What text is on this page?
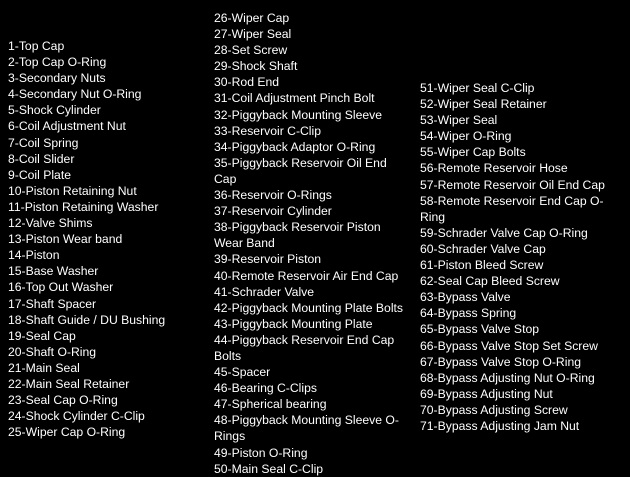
1-Top Cap
2-Top Cap O-Ring
3-Secondary Nuts
4-Secondary Nut O-Ring
5-Shock Cylinder
6-Coil Adjustment Nut
7-Coil Spring
8-Coil Slider
9-Coil Plate
10-Piston Retaining Nut
11-Piston Retaining Washer
12-Valve Shims
13-Piston Wear band
14-Piston
15-Base Washer
16-Top Out Washer
17-Shaft Spacer
18-Shaft Guide / DU Bushing
19-Seal Cap
20-Shaft O-Ring
21-Main Seal
22-Main Seal Retainer
23-Seal Cap O-Ring
24-Shock Cylinder C-Clip
25-Wiper Cap O-Ring
26-Wiper Cap
27-Wiper Seal
28-Set Screw
29-Shock Shaft
30-Rod End
31-Coil Adjustment Pinch Bolt
32-Piggyback Mounting Sleeve
33-Reservoir C-Clip
34-Piggyback Adaptor O-Ring
35-Piggyback Reservoir Oil End Cap
36-Reservoir O-Rings
37-Reservoir Cylinder
38-Piggyback Reservoir Piston Wear Band
39-Reservoir Piston
40-Remote Reservoir Air End Cap
41-Schrader Valve
42-Piggyback Mounting Plate Bolts
43-Piggyback Mounting Plate
44-Piggyback Reservoir End Cap Bolts
45-Spacer
46-Bearing C-Clips
47-Spherical bearing
48-Piggyback Mounting Sleeve O-Rings
49-Piston O-Ring
50-Main Seal C-Clip
51-Wiper Seal C-Clip
52-Wiper Seal Retainer
53-Wiper Seal
54-Wiper O-Ring
55-Wiper Cap Bolts
56-Remote Reservoir Hose
57-Remote Reservoir Oil End Cap
58-Remote Reservoir End Cap O-Ring
59-Schrader Valve Cap O-Ring
60-Schrader Valve Cap
61-Piston Bleed Screw
62-Seal Cap Bleed Screw
63-Bypass Valve
64-Bypass Spring
65-Bypass Valve Stop
66-Bypass Valve Stop Set Screw
67-Bypass Valve Stop O-Ring
68-Bypass Adjusting Nut O-Ring
69-Bypass Adjusting Nut
70-Bypass Adjusting Screw
71-Bypass Adjusting Jam Nut
